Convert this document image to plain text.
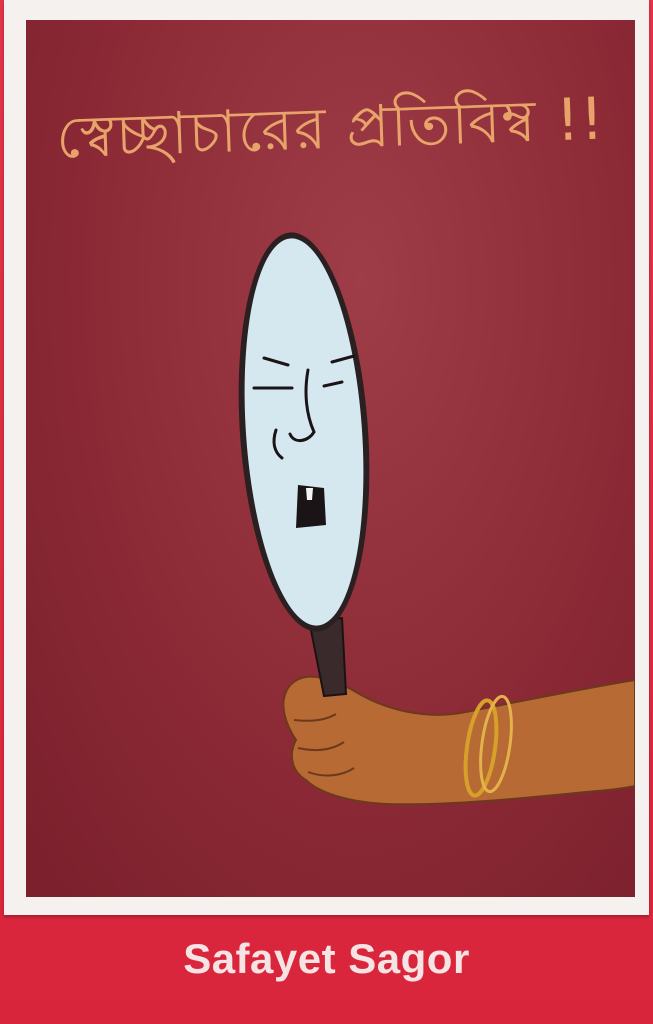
স্বেচ্ছাচারের প্রতিবিম্ব !!
Safayet Sagor
